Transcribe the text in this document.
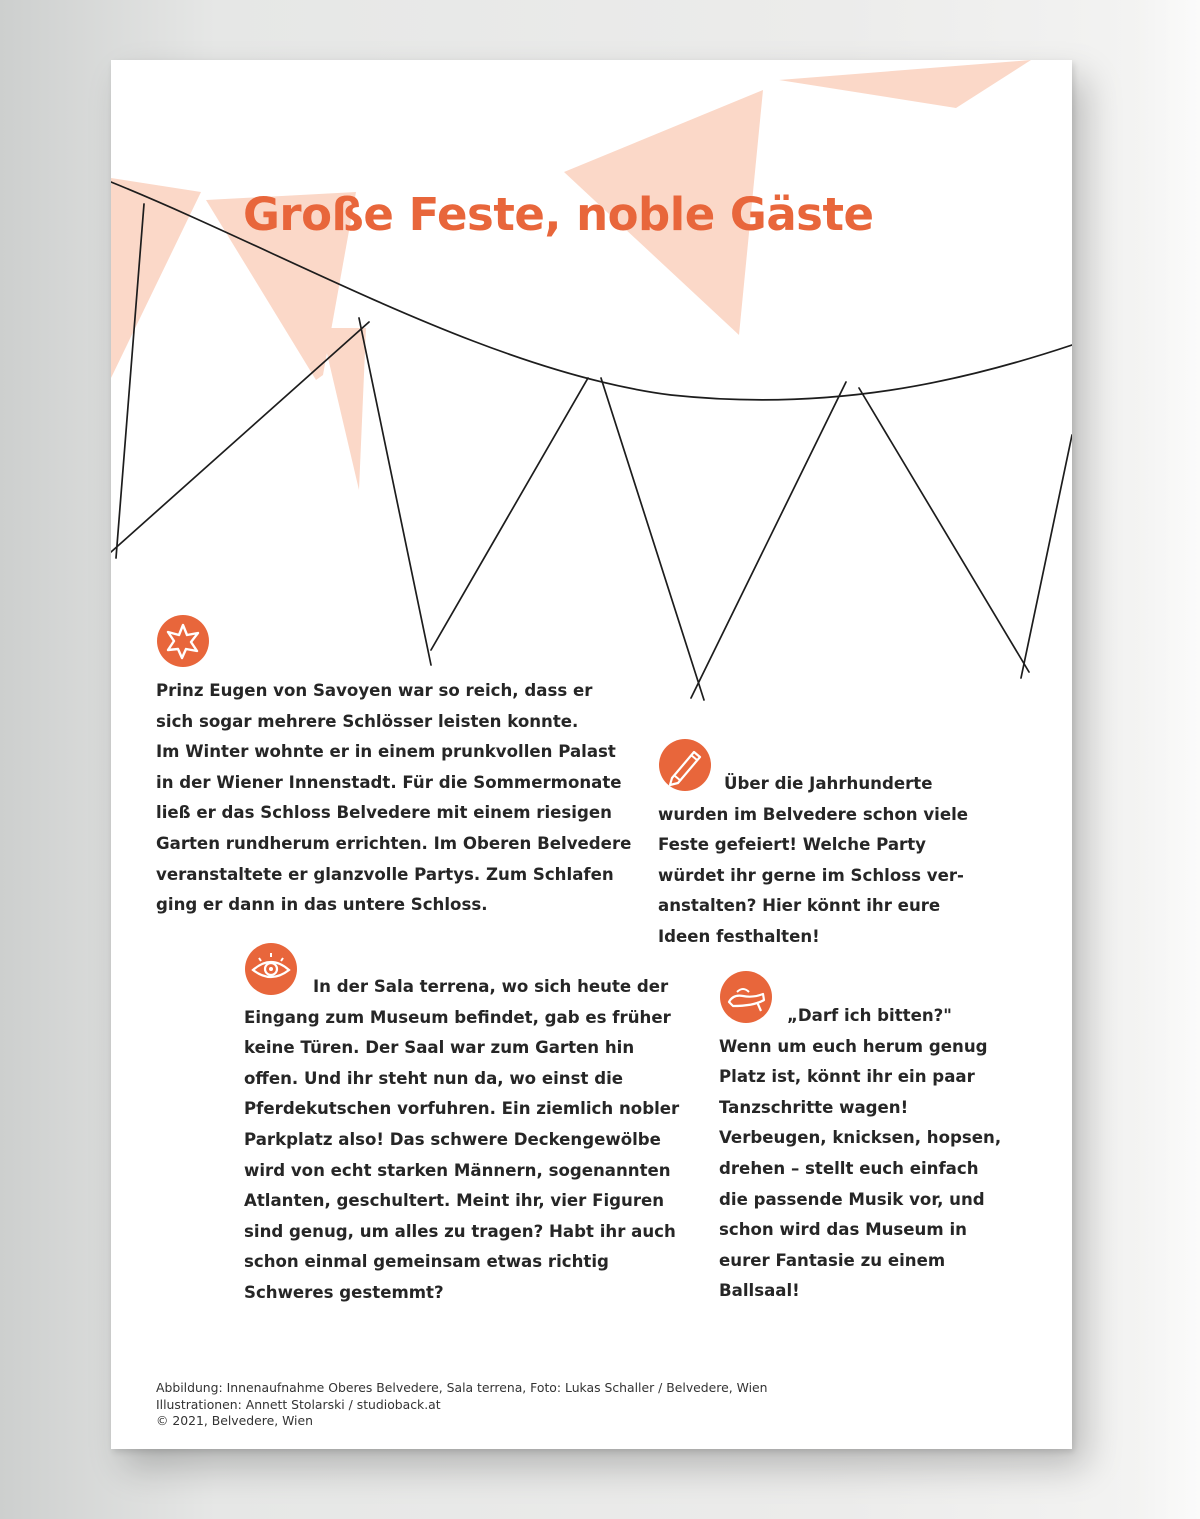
Große Feste, noble Gäste
Prinz Eugen von Savoyen war so reich, dass er
sich sogar mehrere Schlösser leisten konnte.
Im Winter wohnte er in einem prunkvollen Palast
in der Wiener Innenstadt. Für die Sommermonate
ließ er das Schloss Belvedere mit einem riesigen
Garten rundherum errichten. Im Oberen Belvedere
veranstaltete er glanzvolle Partys. Zum Schlafen
ging er dann in das untere Schloss.
Über die Jahrhunderte
wurden im Belvedere schon viele
Feste gefeiert! Welche Party
würdet ihr gerne im Schloss ver-
anstalten? Hier könnt ihr eure
Ideen festhalten!
In der Sala terrena, wo sich heute der
Eingang zum Museum befindet, gab es früher
keine Türen. Der Saal war zum Garten hin
offen. Und ihr steht nun da, wo einst die
Pferdekutschen vorfuhren. Ein ziemlich nobler
Parkplatz also! Das schwere Deckengewölbe
wird von echt starken Männern, sogenannten
Atlanten, geschultert. Meint ihr, vier Figuren
sind genug, um alles zu tragen? Habt ihr auch
schon einmal gemeinsam etwas richtig
Schweres gestemmt?
„Darf ich bitten?"
Wenn um euch herum genug
Platz ist, könnt ihr ein paar
Tanzschritte wagen!
Verbeugen, knicksen, hopsen,
drehen – stellt euch einfach
die passende Musik vor, und
schon wird das Museum in
eurer Fantasie zu einem
Ballsaal!
Abbildung: Innenaufnahme Oberes Belvedere, Sala terrena, Foto: Lukas Schaller / Belvedere, Wien
Illustrationen: Annett Stolarski / studioback.at
© 2021, Belvedere, Wien
